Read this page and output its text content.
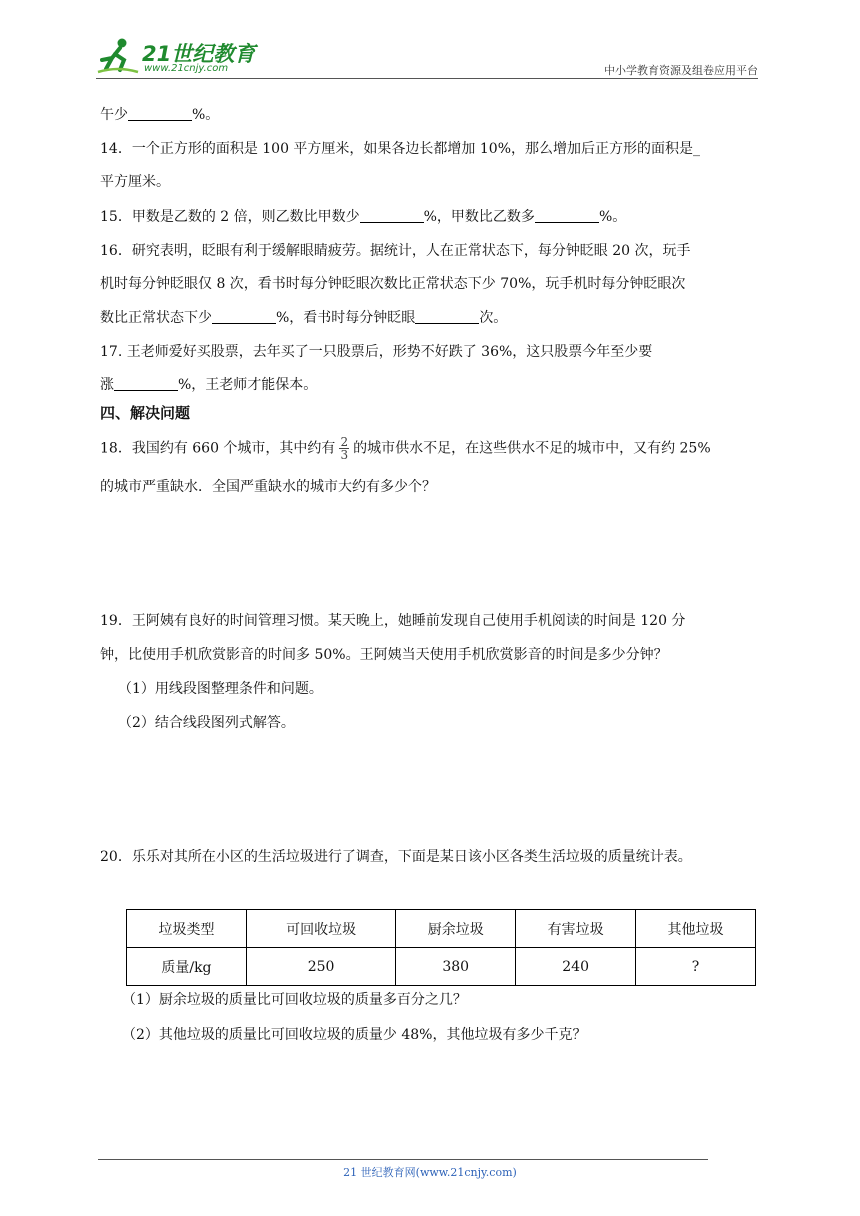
21世纪教育
www.21cnjy.com	中小学教育资源及组卷应用平台
午少	%。
14．一个正方形的面积是 100 平方厘米，如果各边长都增加 10%，那么增加后正方形的面积是_
平方厘米。
15．甲数是乙数的 2 倍，则乙数比甲数少	%，甲数比乙数多	%。
16．研究表明，眨眼有利于缓解眼睛疲劳。据统计，人在正常状态下，每分钟眨眼 20 次，玩手
机时每分钟眨眼仅 8 次，看书时每分钟眨眼次数比正常状态下少 70%，玩手机时每分钟眨眼次
数比正常状态下少	%，看书时每分钟眨眼	次。
17. 王老师爱好买股票，去年买了一只股票后，形势不好跌了 36%，这只股票今年至少要
涨	%，王老师才能保本。
四、解决问题
18．我国约有 660 个城市，其中约有 $\frac{2}{3}$ 的城市供水不足，在这些供水不足的城市中，又有约 25%
的城市严重缺水．全国严重缺水的城市大约有多少个？
19．王阿姨有良好的时间管理习惯。某天晚上，她睡前发现自己使用手机阅读的时间是 120 分
钟，比使用手机欣赏影音的时间多 50%。王阿姨当天使用手机欣赏影音的时间是多少分钟？
（1）用线段图整理条件和问题。
（2）结合线段图列式解答。
20．乐乐对其所在小区的生活垃圾进行了调查，下面是某日该小区各类生活垃圾的质量统计表。
垃圾类型	可回收垃圾	厨余垃圾	有害垃圾	其他垃圾
质量/kg	250	380	240	?
（1）厨余垃圾的质量比可回收垃圾的质量多百分之几？
（2）其他垃圾的质量比可回收垃圾的质量少 48%，其他垃圾有多少千克？
21 世纪教育网(www.21cnjy.com)
